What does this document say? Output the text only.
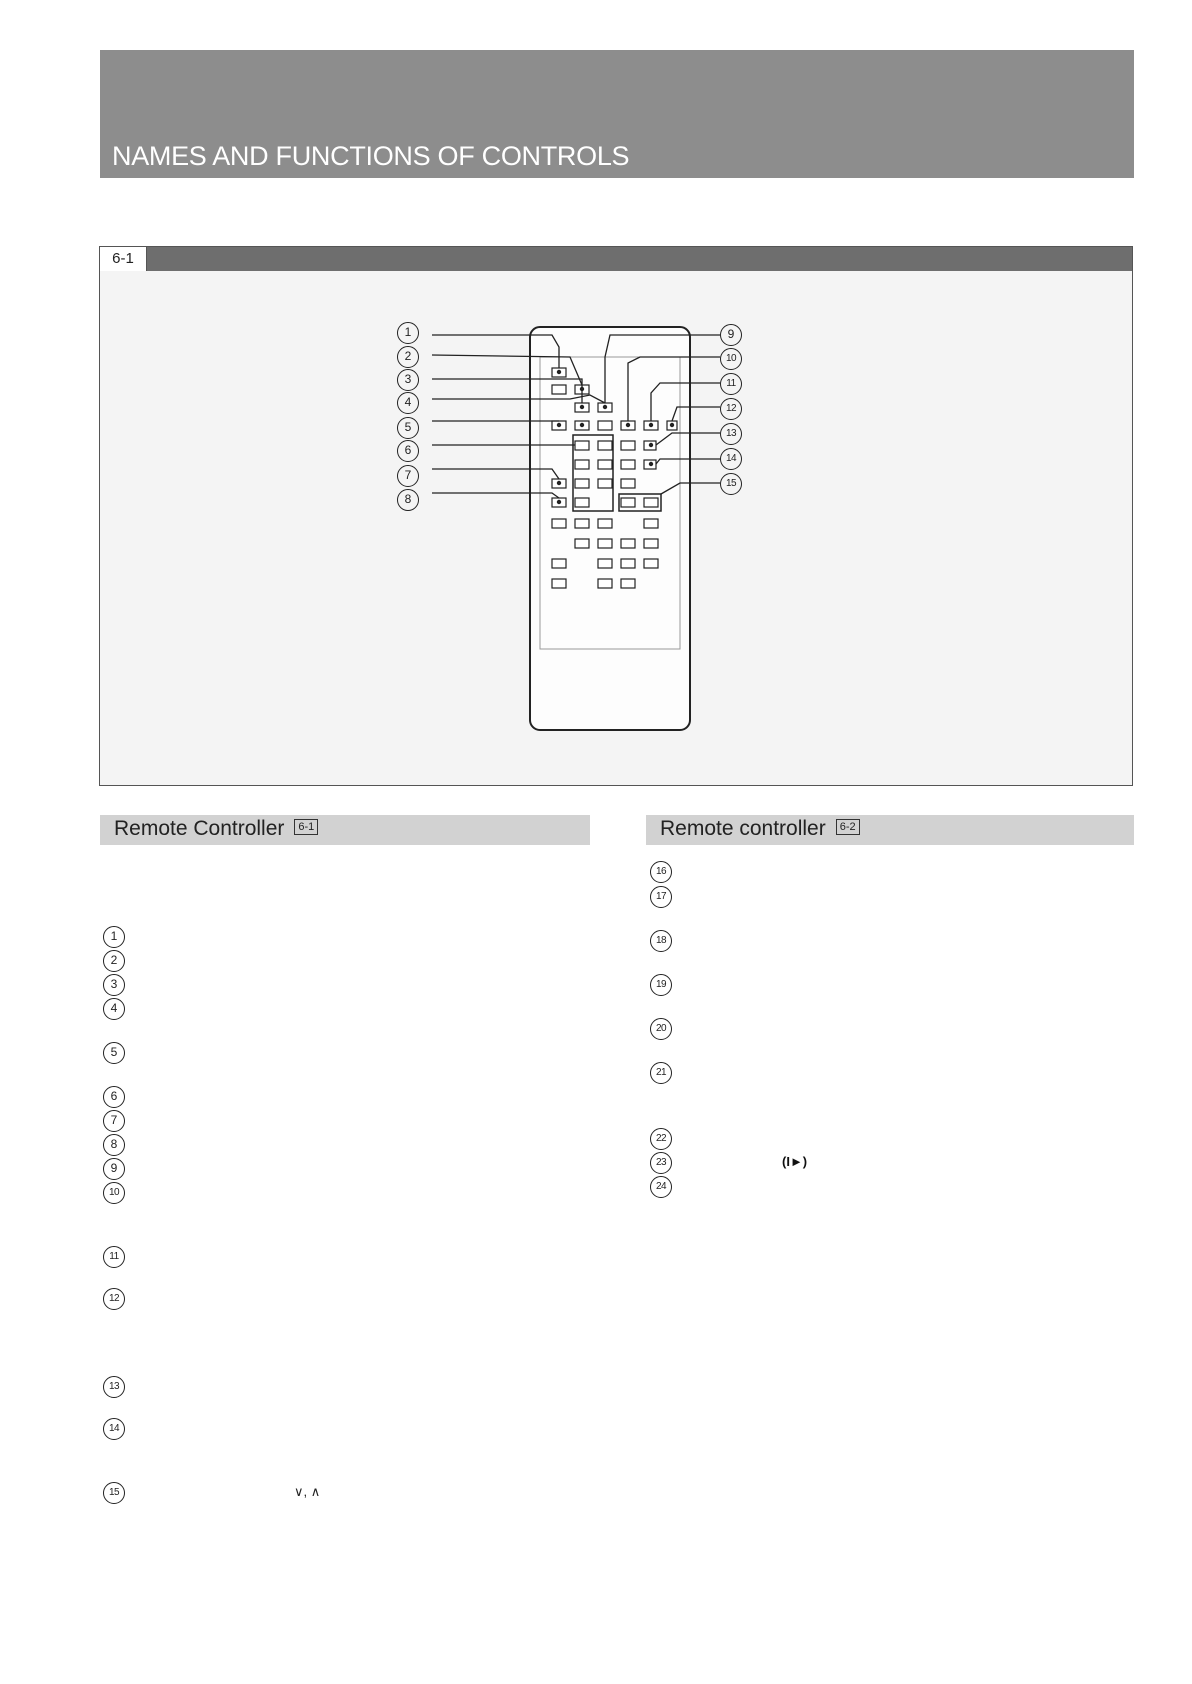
NAMES AND FUNCTIONS OF CONTROLS
6-1
1
2
3
4
5
6
7
8
9
10
11
12
13
14
15
Remote Controller 6-1	Remote controller 6-2
1
2
3
4
5
6
7
8
9
10
11
12
13
14
15	∨, ∧
16
17
18
19
20
21
22
23
24
(I►)
